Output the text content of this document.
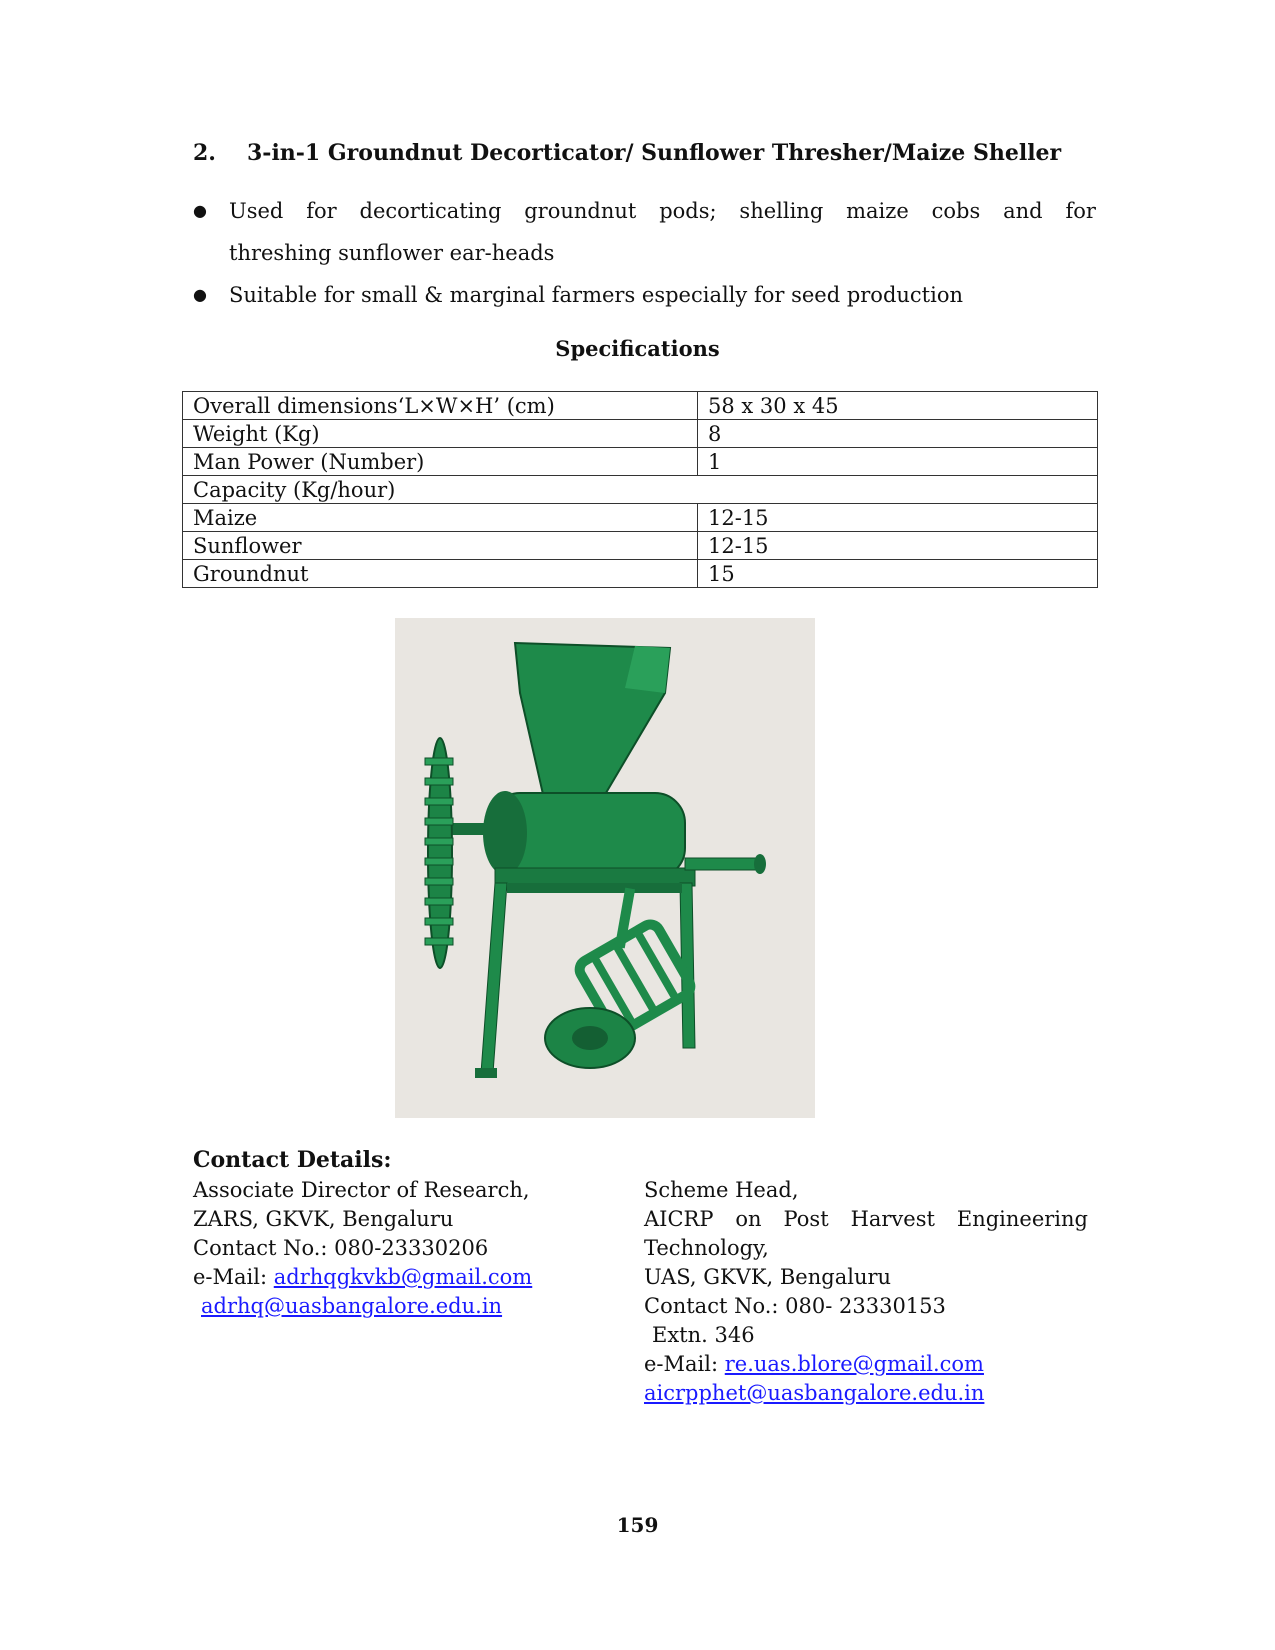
2. 3-in-1 Groundnut Decorticator/ Sunflower Thresher/Maize Sheller
● Used for decorticating groundnut pods; shelling maize cobs and for
threshing sunflower ear-heads
● Suitable for small & marginal farmers especially for seed production
Specifications
Overall dimensions‘L×W×H’ (cm)	58 x 30 x 45
Weight (Kg)	8
Man Power (Number)	1
Capacity (Kg/hour)	
Maize	12-15
Sunflower	12-15
Groundnut	15
Contact Details:
Associate Director of Research,
ZARS, GKVK, Bengaluru
Contact No.: 080-23330206
e-Mail: adrhqgkvkb@gmail.com
adrhq@uasbangalore.edu.in
Scheme Head,
AICRP on Post Harvest Engineering
Technology,
UAS, GKVK, Bengaluru
Contact No.: 080- 23330153
Extn. 346
e-Mail: re.uas.blore@gmail.com
aicrpphet@uasbangalore.edu.in
159
